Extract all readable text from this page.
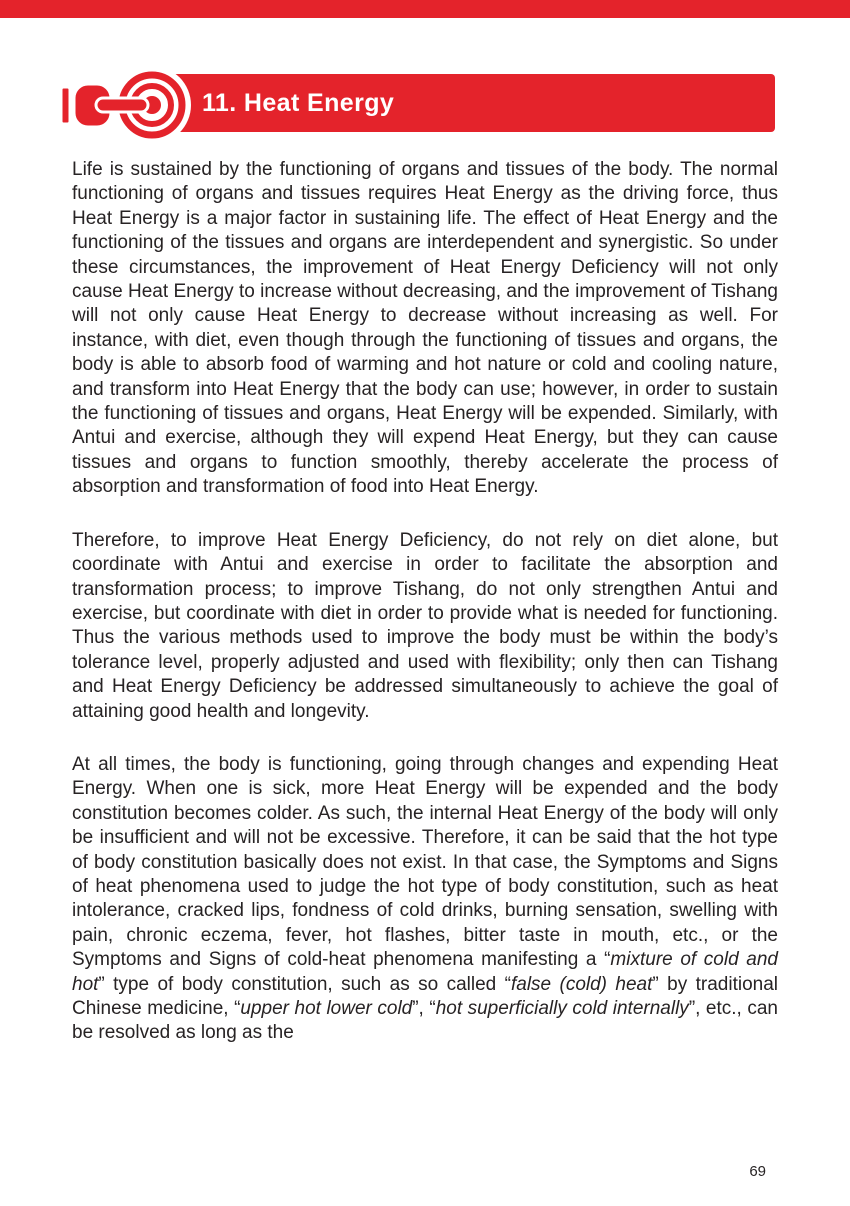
11. Heat Energy

Life is sustained by the functioning of organs and tissues of the body. The normal functioning of organs and tissues requires Heat Energy as the driving force, thus Heat Energy is a major factor in sustaining life. The effect of Heat Energy and the functioning of the tissues and organs are interdependent and synergistic. So under these circumstances, the improvement of Heat Energy Deficiency will not only cause Heat Energy to increase without decreasing, and the improvement of Tishang will not only cause Heat Energy to decrease without increasing as well. For instance, with diet, even though through the functioning of tissues and organs, the body is able to absorb food of warming and hot nature or cold and cooling nature, and transform into Heat Energy that the body can use; however, in order to sustain the functioning of tissues and organs, Heat Energy will be expended. Similarly, with Antui and exercise, although they will expend Heat Energy, but they can cause tissues and organs to function smoothly, thereby accelerate the process of absorption and transformation of food into Heat Energy.

Therefore, to improve Heat Energy Deficiency, do not rely on diet alone, but coordinate with Antui and exercise in order to facilitate the absorption and transformation process; to improve Tishang, do not only strengthen Antui and exercise, but coordinate with diet in order to provide what is needed for functioning. Thus the various methods used to improve the body must be within the body’s tolerance level, properly adjusted and used with flexibility; only then can Tishang and Heat Energy Deficiency be addressed simultaneously to achieve the goal of attaining good health and longevity.

At all times, the body is functioning, going through changes and expending Heat Energy. When one is sick, more Heat Energy will be expended and the body constitution becomes colder. As such, the internal Heat Energy of the body will only be insufficient and will not be excessive. Therefore, it can be said that the hot type of body constitution basically does not exist. In that case, the Symptoms and Signs of heat phenomena used to judge the hot type of body constitution, such as heat intolerance, cracked lips, fondness of cold drinks, burning sensation, swelling with pain, chronic eczema, fever, hot flashes, bitter taste in mouth, etc., or the Symptoms and Signs of cold-heat phenomena manifesting a “mixture of cold and hot” type of body constitution, such as so called “false (cold) heat” by traditional Chinese medicine, “upper hot lower cold”, “hot superficially cold internally”, etc., can be resolved as long as the

69
